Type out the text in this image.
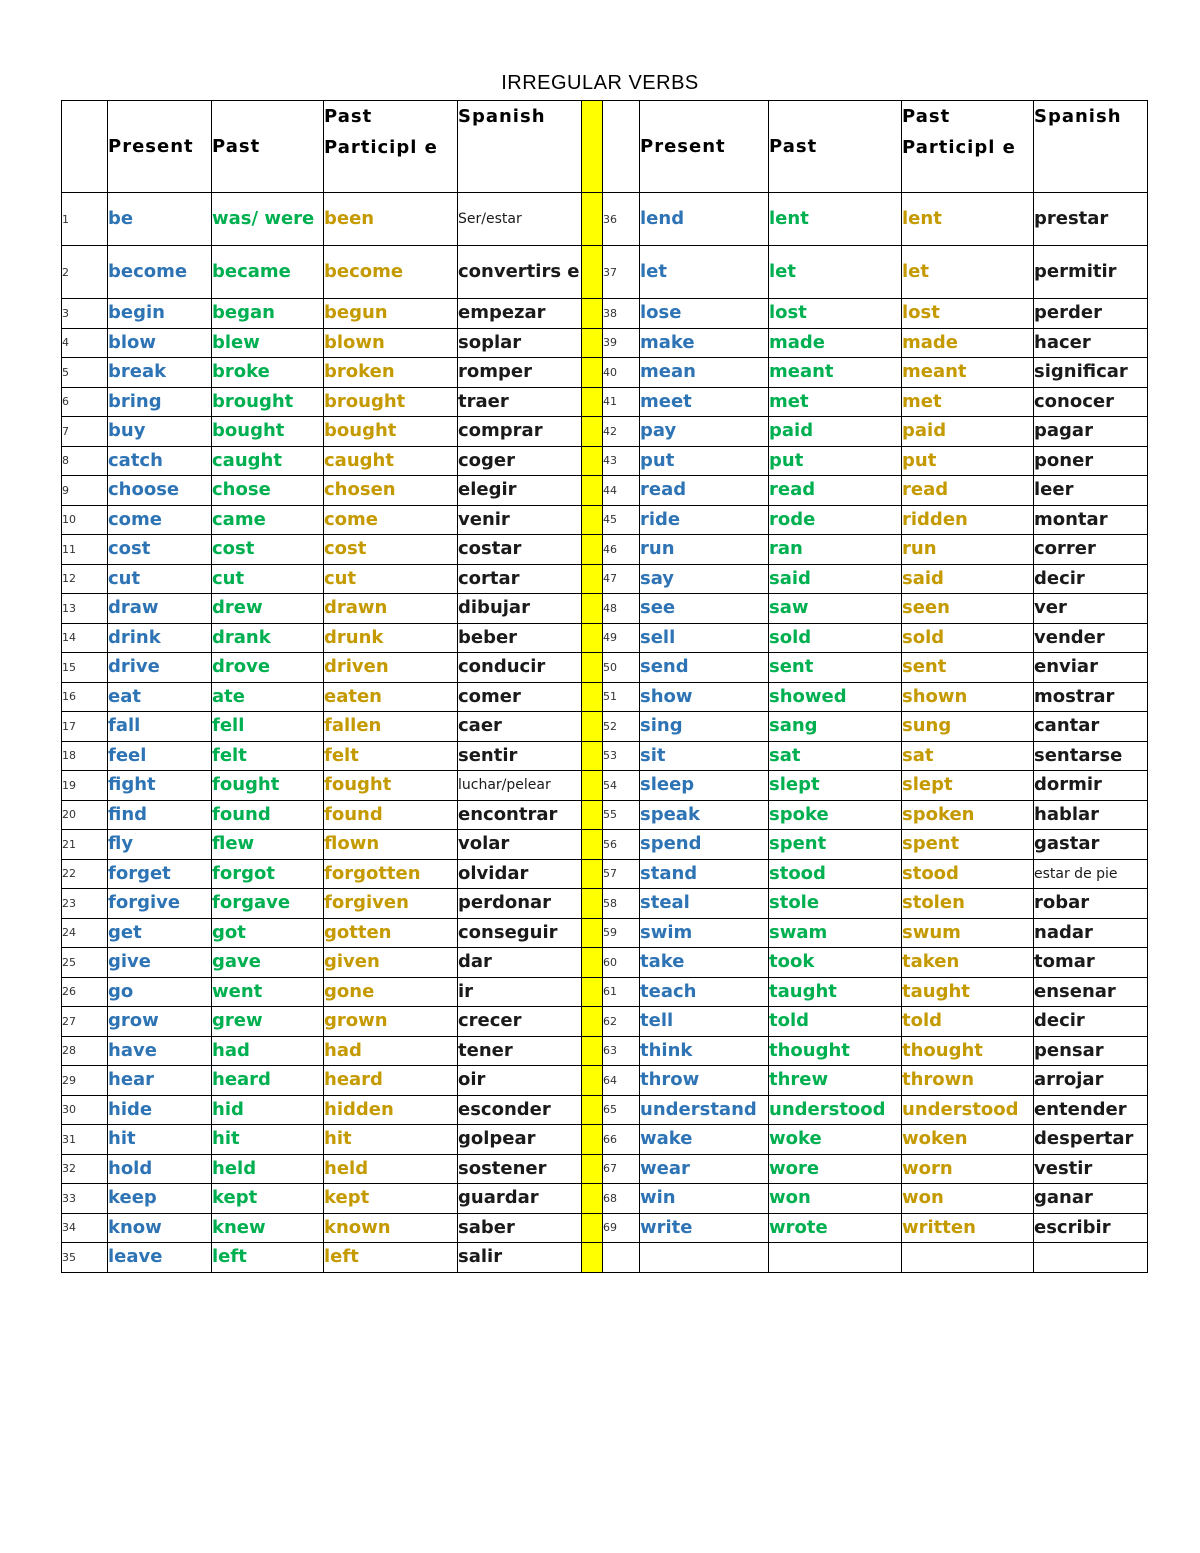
IRREGULAR VERBS
	Present	Past	Past Participl e	Spanish			Present	Past	Past Participl e	Spanish
1	be	was/ were	been	Ser/estar		36	lend	lent	lent	prestar
2	become	became	become	convertirs e		37	let	let	let	permitir
3	begin	began	begun	empezar		38	lose	lost	lost	perder
4	blow	blew	blown	soplar		39	make	made	made	hacer
5	break	broke	broken	romper		40	mean	meant	meant	significar
6	bring	brought	brought	traer		41	meet	met	met	conocer
7	buy	bought	bought	comprar		42	pay	paid	paid	pagar
8	catch	caught	caught	coger		43	put	put	put	poner
9	choose	chose	chosen	elegir		44	read	read	read	leer
10	come	came	come	venir		45	ride	rode	ridden	montar
11	cost	cost	cost	costar		46	run	ran	run	correr
12	cut	cut	cut	cortar		47	say	said	said	decir
13	draw	drew	drawn	dibujar		48	see	saw	seen	ver
14	drink	drank	drunk	beber		49	sell	sold	sold	vender
15	drive	drove	driven	conducir		50	send	sent	sent	enviar
16	eat	ate	eaten	comer		51	show	showed	shown	mostrar
17	fall	fell	fallen	caer		52	sing	sang	sung	cantar
18	feel	felt	felt	sentir		53	sit	sat	sat	sentarse
19	fight	fought	fought	luchar/pelear		54	sleep	slept	slept	dormir
20	find	found	found	encontrar		55	speak	spoke	spoken	hablar
21	fly	flew	flown	volar		56	spend	spent	spent	gastar
22	forget	forgot	forgotten	olvidar		57	stand	stood	stood	estar de pie
23	forgive	forgave	forgiven	perdonar		58	steal	stole	stolen	robar
24	get	got	gotten	conseguir		59	swim	swam	swum	nadar
25	give	gave	given	dar		60	take	took	taken	tomar
26	go	went	gone	ir		61	teach	taught	taught	ensenar
27	grow	grew	grown	crecer		62	tell	told	told	decir
28	have	had	had	tener		63	think	thought	thought	pensar
29	hear	heard	heard	oir		64	throw	threw	thrown	arrojar
30	hide	hid	hidden	esconder		65	understand	understood	understood	entender
31	hit	hit	hit	golpear		66	wake	woke	woken	despertar
32	hold	held	held	sostener		67	wear	wore	worn	vestir
33	keep	kept	kept	guardar		68	win	won	won	ganar
34	know	knew	known	saber		69	write	wrote	written	escribir
35	leave	left	left	salir						
